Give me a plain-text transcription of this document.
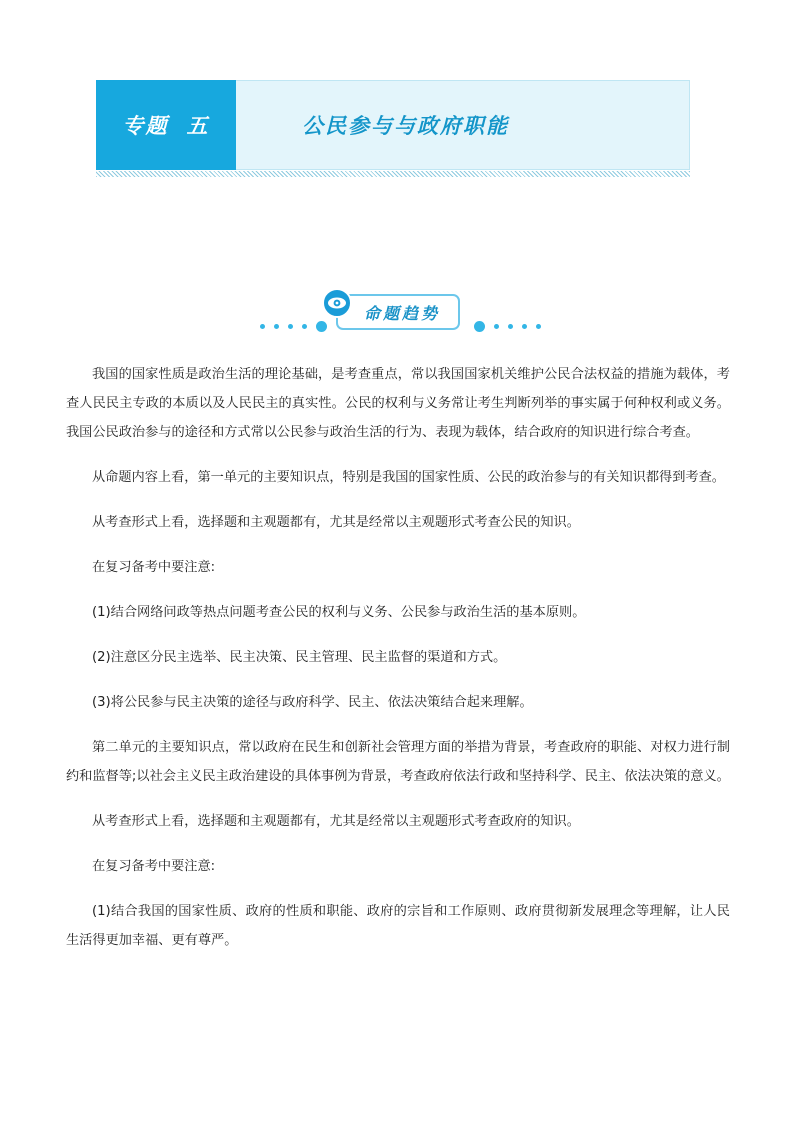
专题 五	公民参与与政府职能
命题趋势

我国的国家性质是政治生活的理论基础，是考查重点，常以我国国家机关维护公民合法权益的措施为载体，考查人民民主专政的本质以及人民民主的真实性。公民的权利与义务常让考生判断列举的事实属于何种权利或义务。我国公民政治参与的途径和方式常以公民参与政治生活的行为、表现为载体，结合政府的知识进行综合考查。

从命题内容上看，第一单元的主要知识点，特别是我国的国家性质、公民的政治参与的有关知识都得到考查。

从考查形式上看，选择题和主观题都有，尤其是经常以主观题形式考查公民的知识。

在复习备考中要注意:

(1)结合网络问政等热点问题考查公民的权利与义务、公民参与政治生活的基本原则。

(2)注意区分民主选举、民主决策、民主管理、民主监督的渠道和方式。

(3)将公民参与民主决策的途径与政府科学、民主、依法决策结合起来理解。

第二单元的主要知识点，常以政府在民生和创新社会管理方面的举措为背景，考查政府的职能、对权力进行制约和监督等;以社会主义民主政治建设的具体事例为背景，考查政府依法行政和坚持科学、民主、依法决策的意义。

从考查形式上看，选择题和主观题都有，尤其是经常以主观题形式考查政府的知识。

在复习备考中要注意:

(1)结合我国的国家性质、政府的性质和职能、政府的宗旨和工作原则、政府贯彻新发展理念等理解，让人民生活得更加幸福、更有尊严。
